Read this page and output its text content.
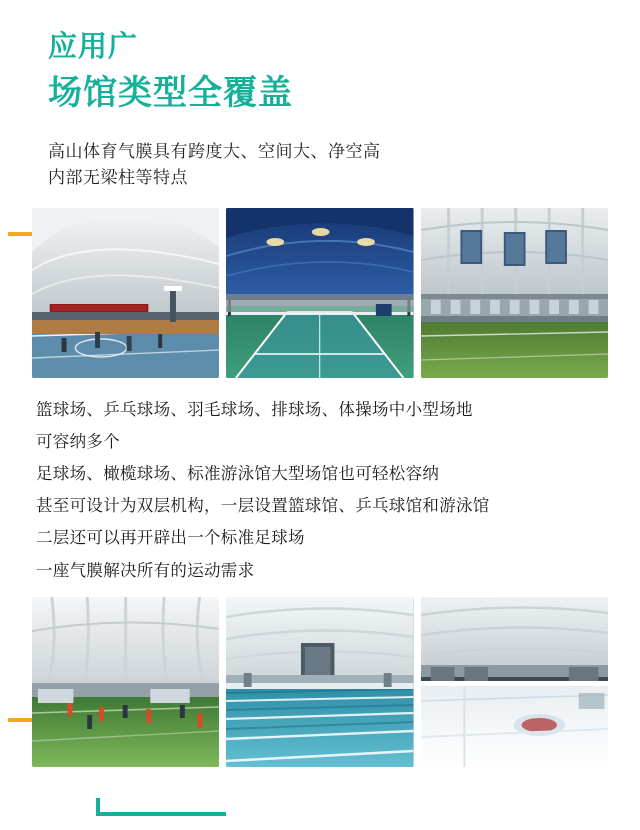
应用广
场馆类型全覆盖
高山体育气膜具有跨度大、空间大、净空高
内部无梁柱等特点

篮球场、乒乓球场、羽毛球场、排球场、体操场中小型场地

可容纳多个

足球场、橄榄球场、标准游泳馆大型场馆也可轻松容纳

甚至可设计为双层机构，一层设置篮球馆、乒乓球馆和游泳馆

二层还可以再开辟出一个标准足球场

一座气膜解决所有的运动需求
